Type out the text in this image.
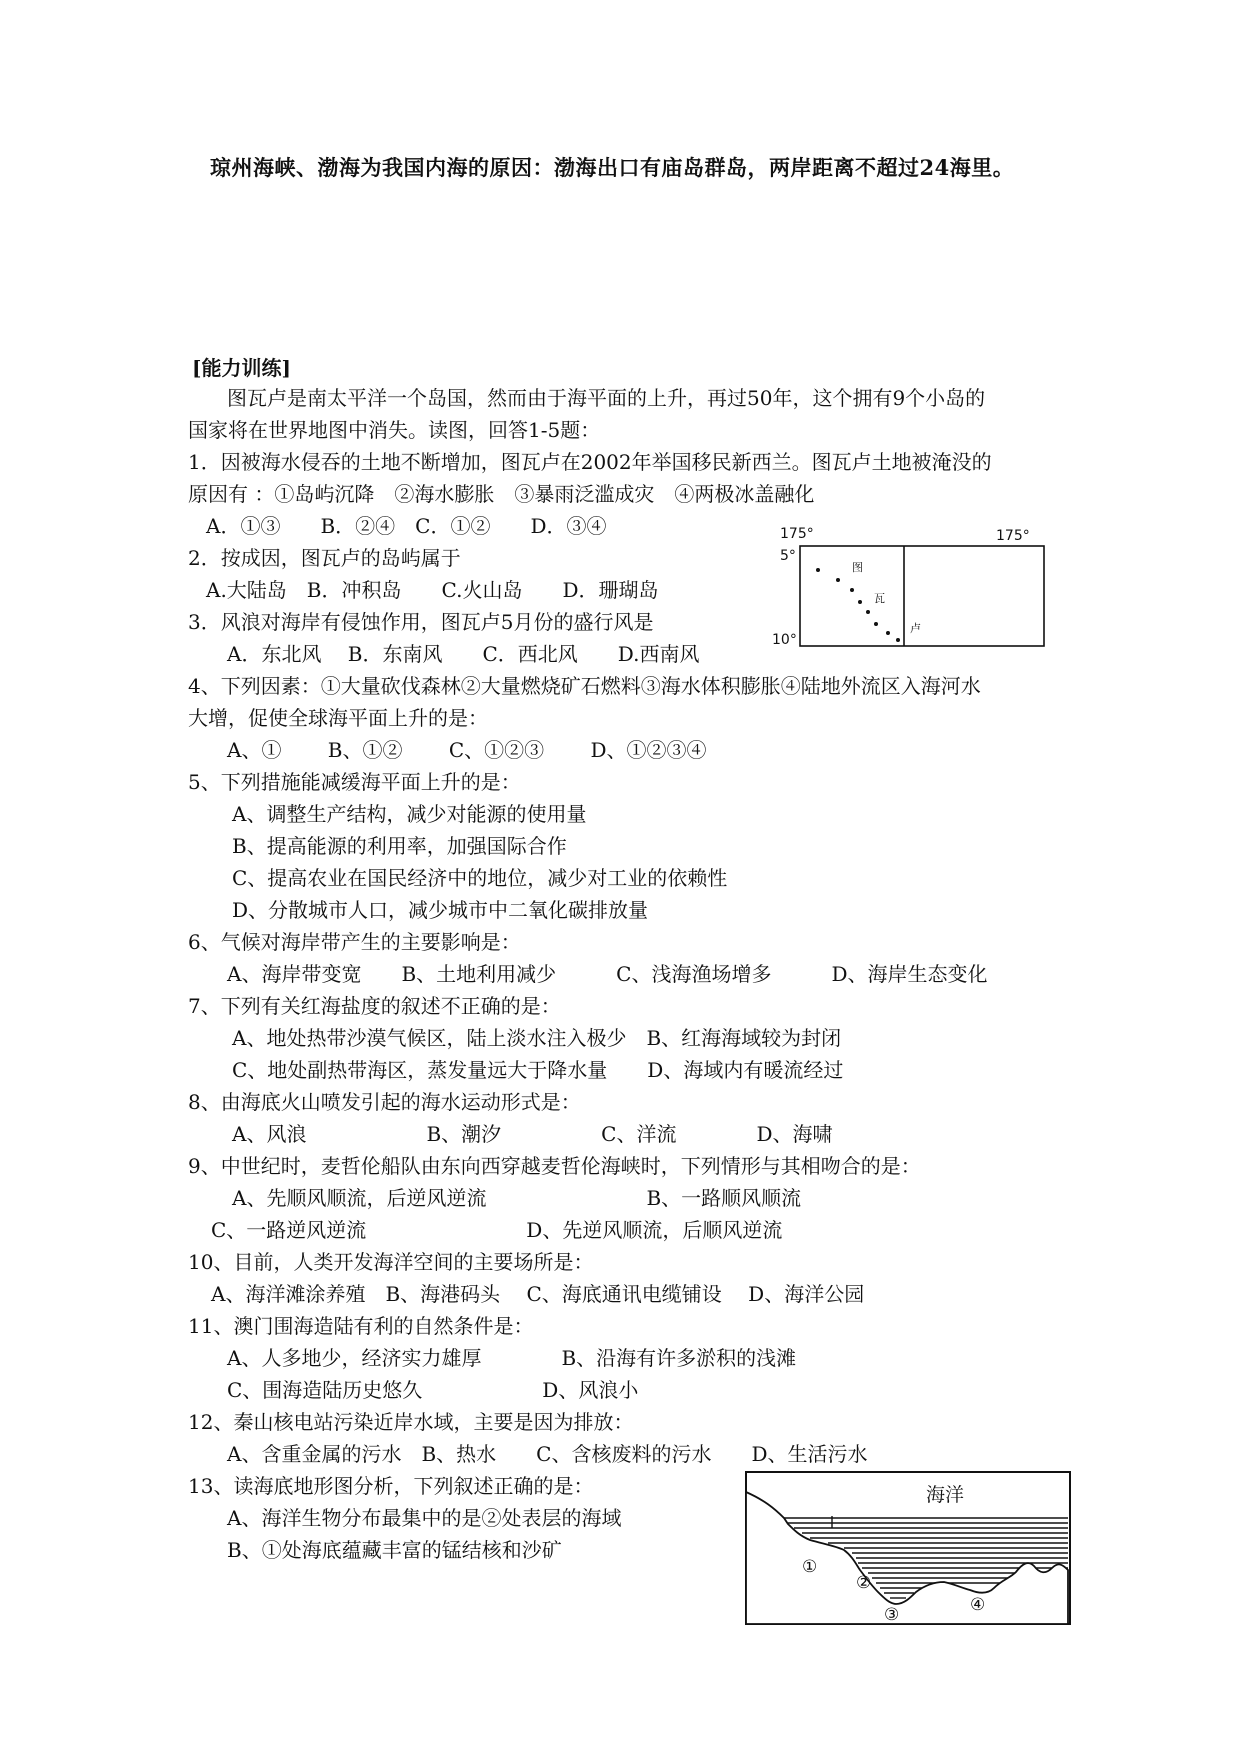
琼州海峡、渤海为我国内海的原因：渤海出口有庙岛群岛，两岸距离不超过24海里。
[能力训练]
图瓦卢是南太平洋一个岛国，然而由于海平面的上升，再过50年，这个拥有9个小岛的
国家将在世界地图中消失。读图，回答1-5题：
1．因被海水侵吞的土地不断增加，图瓦卢在2002年举国移民新西兰。图瓦卢土地被淹没的
原因有 ：①岛屿沉降　②海水膨胀　③暴雨泛滥成灾　④两极冰盖融化
A．①③　　B．②④　C．①②　　D．③④
2．按成因，图瓦卢的岛屿属于
A.大陆岛　B．冲积岛　　C.火山岛　　D．珊瑚岛
3．风浪对海岸有侵蚀作用，图瓦卢5月份的盛行风是
A．东北风　 B．东南风　　C．西北风　　D.西南风
4、下列因素：①大量砍伐森林②大量燃烧矿石燃料③海水体积膨胀④陆地外流区入海河水
大增，促使全球海平面上升的是：
A、①　　 B、①②　　 C、①②③　　 D、①②③④
5、下列措施能减缓海平面上升的是：
A、调整生产结构，减少对能源的使用量
B、提高能源的利用率，加强国际合作
C、提高农业在国民经济中的地位，减少对工业的依赖性
D、分散城市人口，减少城市中二氧化碳排放量
6、气候对海岸带产生的主要影响是：
A、海岸带变宽　　B、土地利用减少　　　C、浅海渔场增多　　　D、海岸生态变化
7、下列有关红海盐度的叙述不正确的是：
A、地处热带沙漠气候区，陆上淡水注入极少　B、红海海域较为封闭
C、地处副热带海区，蒸发量远大于降水量　　D、海域内有暖流经过
8、由海底火山喷发引起的海水运动形式是：
A、风浪　　　　　　B、潮汐　　　　　C、洋流　　　　D、海啸
9、中世纪时，麦哲伦船队由东向西穿越麦哲伦海峡时，下列情形与其相吻合的是：
A、先顺风顺流，后逆风逆流　　　　　　　　B、一路顺风顺流
C、一路逆风逆流　　　　　　　　D、先逆风顺流，后顺风逆流
10、目前，人类开发海洋空间的主要场所是：
A、海洋滩涂养殖　B、海港码头　 C、海底通讯电缆铺设　 D、海洋公园
11、澳门围海造陆有利的自然条件是：
A、人多地少，经济实力雄厚　　　　B、沿海有许多淤积的浅滩
C、围海造陆历史悠久　　　　　　D、风浪小
12、秦山核电站污染近岸水域，主要是因为排放：
A、含重金属的污水　B、热水　　C、含核废料的污水　　D、生活污水
13、读海底地形图分析，下列叙述正确的是：
A、海洋生物分布最集中的是②处表层的海域
B、①处海底蕴藏丰富的锰结核和沙矿
175°	175°
5°
10°
图
瓦
卢
海洋
①
②
③	④
